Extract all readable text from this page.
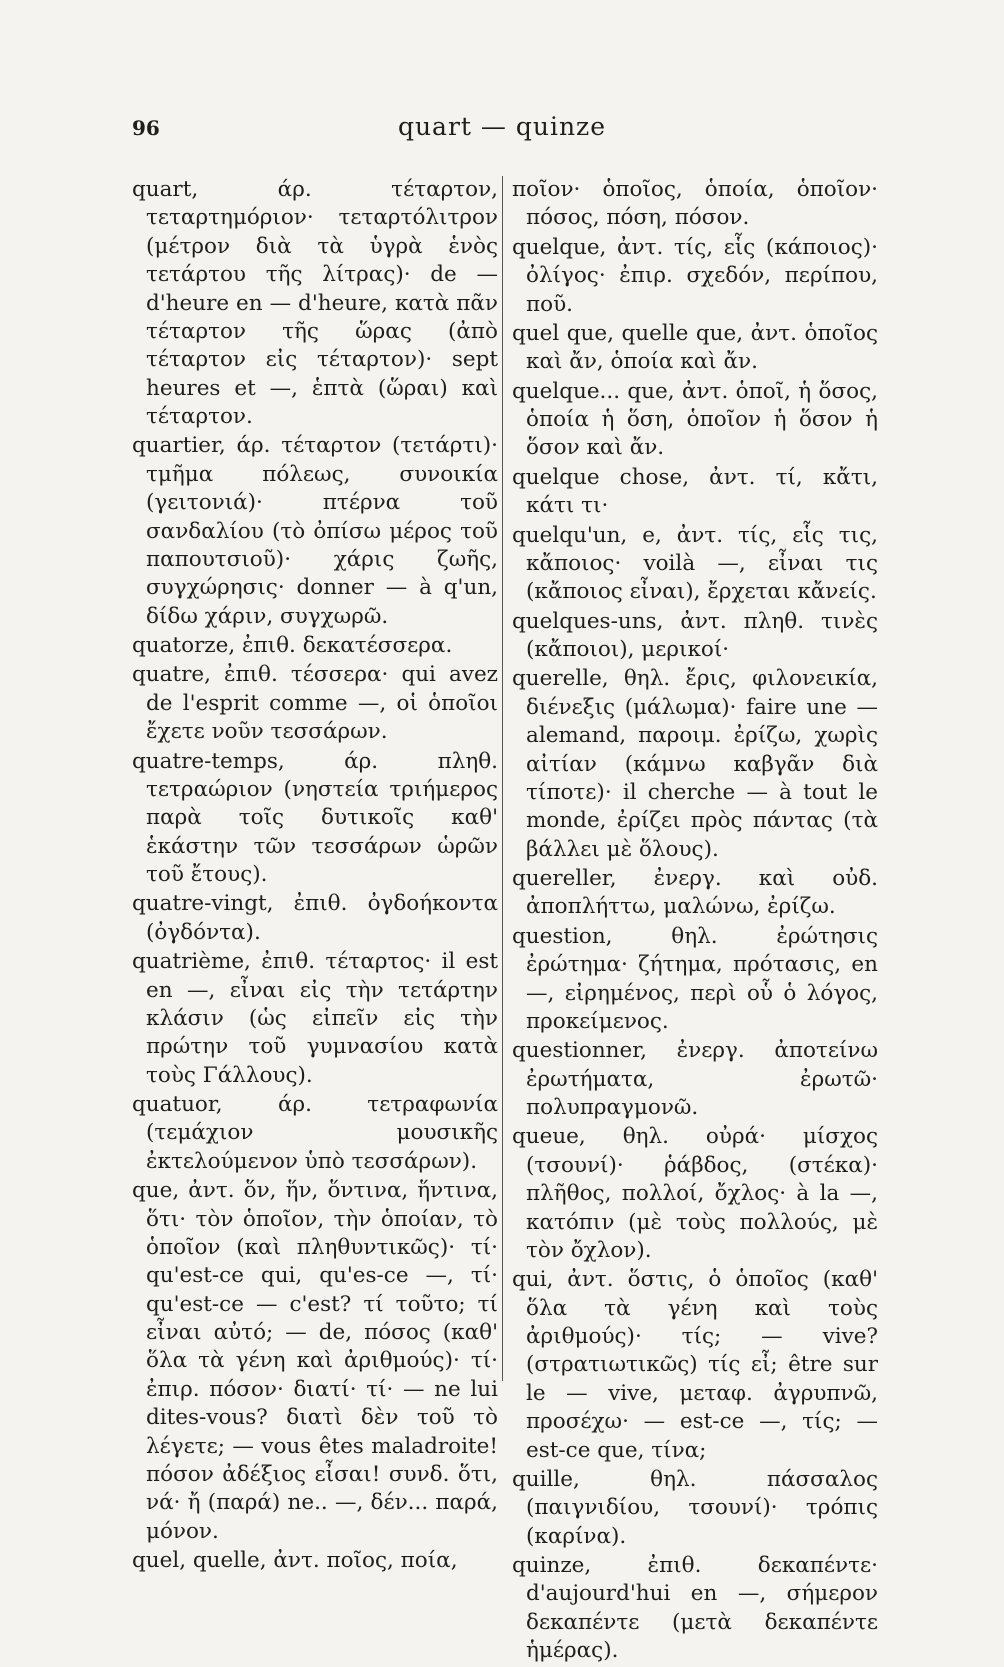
96	quart — quinze

quart, άρ. τέταρτον, τεταρτημόριον· τεταρτόλιτρον (μέτρον διὰ τὰ ὑγρὰ ἑνὸς τετάρτου τῆς λίτρας)· de — d'heure en — d'heure, κατὰ πᾶν τέταρτον τῆς ὥρας (ἀπὸ τέταρτον εἰς τέταρτον)· sept heures et —, ἑπτὰ (ὥραι) καὶ τέταρτον.

quartier, άρ. τέταρτον (τετάρτι)· τμῆμα πόλεως, συνοικία (γειτονιά)· πτέρνα τοῦ σανδαλίου (τὸ ὀπίσω μέρος τοῦ παπουτσιοῦ)· χάρις ζωῆς, συγχώρησις· donner — à q'un, δίδω χάριν, συγχωρῶ.

quatorze, ἐπιθ. δεκατέσσερα.

quatre, ἐπιθ. τέσσερα· qui avez de l'esprit comme —, οἱ ὁποῖοι ἔχετε νοῦν τεσσάρων.

quatre-temps, άρ. πληθ. τετραώριον (νηστεία τριήμερος παρὰ τοῖς δυτικοῖς καθ' ἑκάστην τῶν τεσσάρων ὡρῶν τοῦ ἔτους).

quatre-vingt, ἐπιθ. ὀγδοήκοντα (ὀγδόντα).

quatrième, ἐπιθ. τέταρτος· il est en —, εἶναι εἰς τὴν τετάρτην κλάσιν (ὡς εἰπεῖν εἰς τὴν πρώτην τοῦ γυμνασίου κατὰ τοὺς Γάλλους).

quatuor, άρ. τετραφωνία (τεμάχιον μουσικῆς ἐκτελούμενον ὑπὸ τεσσάρων).

que, ἀντ. ὅν, ἥν, ὅντινα, ἥντινα, ὅτι· τὸν ὁποῖον, τὴν ὁποίαν, τὸ ὁποῖον (καὶ πληθυντικῶς)· τί· qu'est-ce qui, qu'es-ce —, τί· qu'est-ce — c'est? τί τοῦτο; τί εἶναι αὐτό; — de, πόσος (καθ' ὅλα τὰ γένη καὶ ἀριθμούς)· τί· ἐπιρ. πόσον· διατί· τί· — ne lui dites-vous? διατὶ δὲν τοῦ τὸ λέγετε; — vous êtes maladroite! πόσον ἀδέξιος εἶσαι! συνδ. ὅτι, νά· ἤ (παρά) ne.. —, δέν... παρά, μόνον.

quel, quelle, ἀντ. ποῖος, ποία,

ποῖον· ὁποῖος, ὁποία, ὁποῖον· πόσος, πόση, πόσον.

quelque, ἀντ. τίς, εἷς (κάποιος)· ὀλίγος· ἐπιρ. σχεδόν, περίπου, ποῦ.

quel que, quelle que, ἀντ. ὁποῖος καὶ ἄν, ὁποία καὶ ἄν.

quelque... que, ἀντ. ὁποῖ, ἡ ὅσος, ὁποία ἡ ὅση, ὁποῖον ἡ ὅσον ἡ ὅσον καὶ ἄν.

quelque chose, ἀντ. τί, κἄτι, κάτι τι·

quelqu'un, e, ἀντ. τίς, εἷς τις, κἄποιος· voilà —, εἶναι τις (κἄποιος εἶναι), ἔρχεται κἄνείς.

quelques-uns, ἀντ. πληθ. τινὲς (κἄποιοι), μερικοί·

querelle, θηλ. ἔρις, φιλονεικία, διένεξις (μάλωμα)· faire une — alemand, παροιμ. ἐρίζω, χωρὶς αἰτίαν (κάμνω καβγᾶν διὰ τίποτε)· il cherche — à tout le monde, ἐρίζει πρὸς πάντας (τὰ βάλλει μὲ ὅλους).

quereller, ἐνεργ. καὶ οὐδ. ἀποπλήττω, μαλώνω, ἐρίζω.

question, θηλ. ἐρώτησις ἐρώτημα· ζήτημα, πρότασις, en —, εἰρημένος, περὶ οὗ ὁ λόγος, προκείμενος.

questionner, ἐνεργ. ἀποτείνω ἐρωτήματα, ἐρωτῶ· πολυπραγμονῶ.

queue, θηλ. οὐρά· μίσχος (τσουνί)· ῥάβδος, (στέκα)· πλῆθος, πολλοί, ὄχλος· à la —, κατόπιν (μὲ τοὺς πολλούς, μὲ τὸν ὄχλον).

qui, ἀντ. ὅστις, ὁ ὁποῖος (καθ' ὅλα τὰ γένη καὶ τοὺς ἀριθμούς)· τίς; — vive? (στρατιωτικῶς) τίς εἶ; être sur le — vive, μεταφ. ἀγρυπνῶ, προσέχω· — est-ce —, τίς; — est-ce que, τίνα;

quille, θηλ. πάσσαλος (παιγνιδίου, τσουνί)· τρόπις (καρίνα).

quinze, ἐπιθ. δεκαπέντε· d'aujourd'hui en —, σήμερον δεκαπέντε (μετὰ δεκαπέντε ἡμέρας).
